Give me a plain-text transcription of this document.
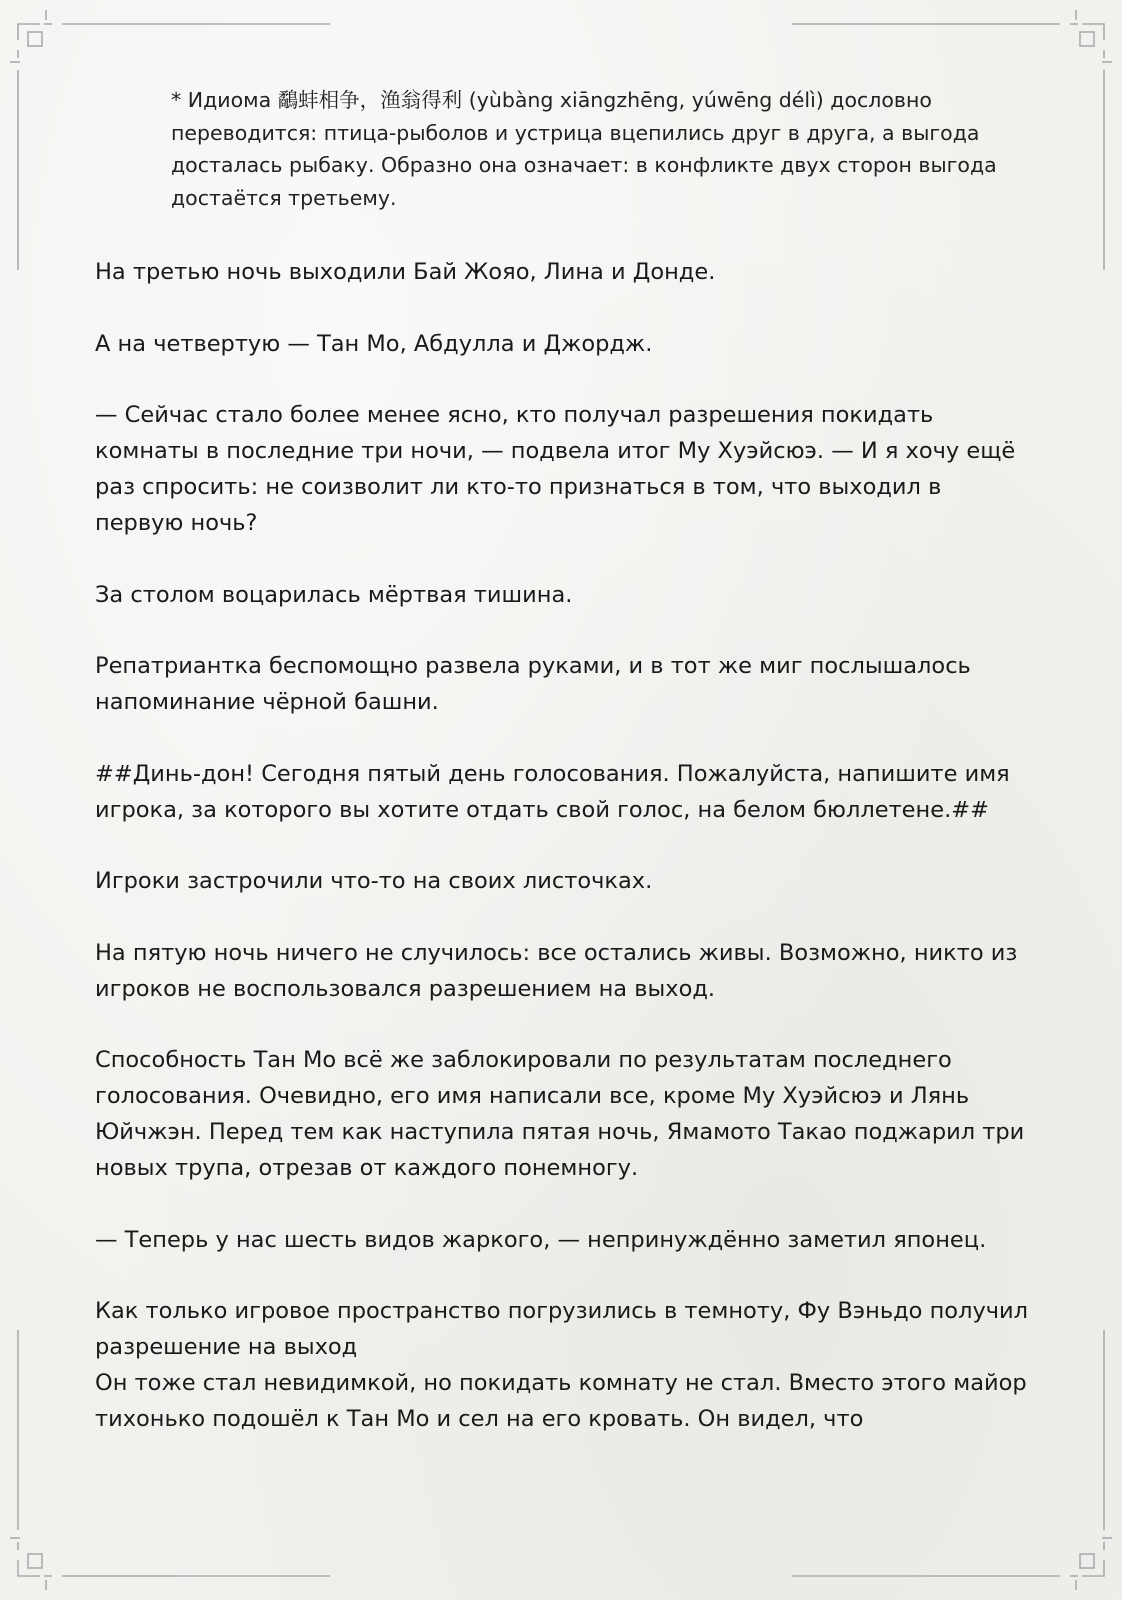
* Идиома 鷸蚌相争，渔翁得利 (yùbàng xiāngzhēng, yúwēng délì) дословно переводится: птица-рыболов и устрица вцепились друг в друга, а выгода досталась рыбаку. Образно она означает: в конфликте двух сторон выгода достаётся третьему.

На третью ночь выходили Бай Жояо, Лина и Донде.

А на четвертую — Тан Мо, Абдулла и Джордж.

— Сейчас стало более менее ясно, кто получал разрешения покидать комнаты в последние три ночи, — подвела итог Му Хуэйсюэ. — И я хочу ещё раз спросить: не соизволит ли кто-то признаться в том, что выходил в первую ночь?

За столом воцарилась мёртвая тишина.

Репатриантка беспомощно развела руками, и в тот же миг послышалось напоминание чёрной башни.

##Динь-дон! Сегодня пятый день голосования. Пожалуйста, напишите имя игрока, за которого вы хотите отдать свой голос, на белом бюллетене.##

Игроки застрочили что-то на своих листочках.

На пятую ночь ничего не случилось: все остались живы. Возможно, никто из игроков не воспользовался разрешением на выход.

Способность Тан Мо всё же заблокировали по результатам последнего голосования. Очевидно, его имя написали все, кроме Му Хуэйсюэ и Лянь Юйчжэн. Перед тем как наступила пятая ночь, Ямамото Такао поджарил три новых трупа, отрезав от каждого понемногу.

— Теперь у нас шесть видов жаркого, — непринуждённо заметил японец.

Как только игровое пространство погрузились в темноту, Фу Вэньдо получил разрешение на выход

Он тоже стал невидимкой, но покидать комнату не стал. Вместо этого майор тихонько подошёл к Тан Мо и сел на его кровать. Он видел, что
